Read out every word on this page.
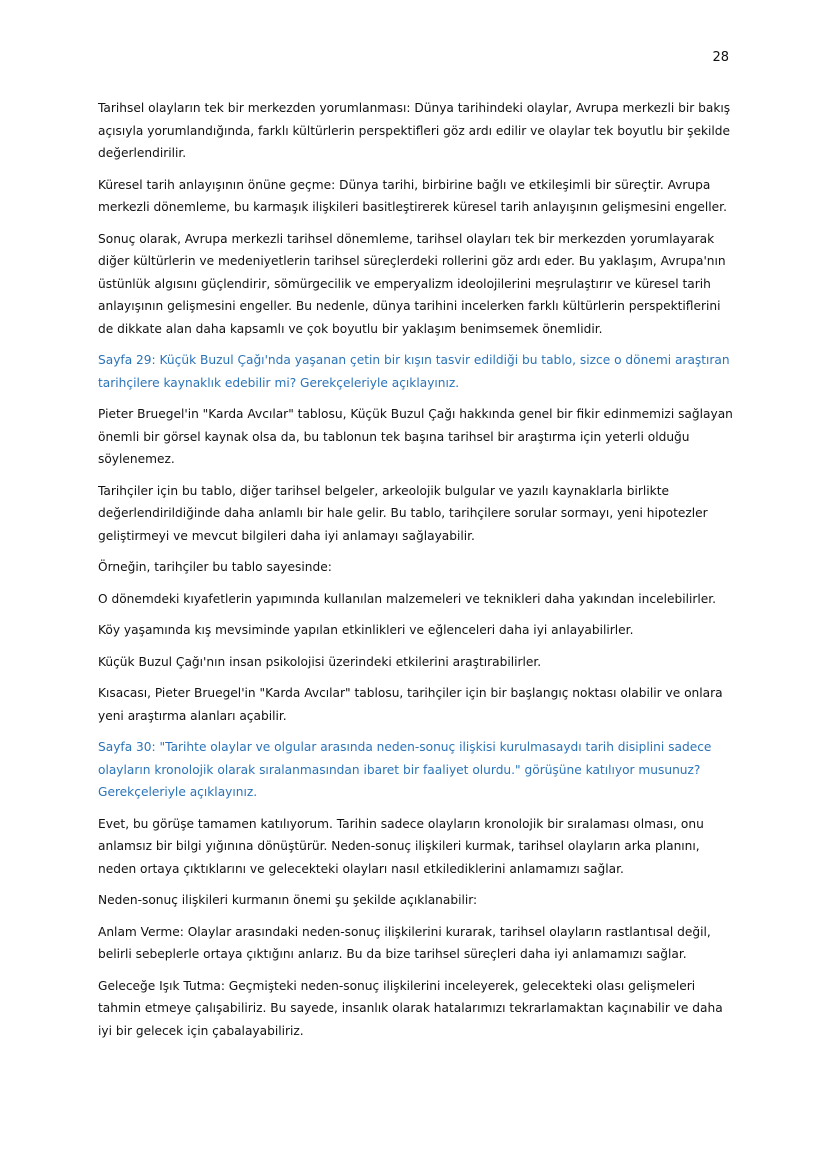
28

Tarihsel olayların tek bir merkezden yorumlanması: Dünya tarihindeki olaylar, Avrupa merkezli bir bakış açısıyla yorumlandığında, farklı kültürlerin perspektifleri göz ardı edilir ve olaylar tek boyutlu bir şekilde değerlendirilir.

Küresel tarih anlayışının önüne geçme: Dünya tarihi, birbirine bağlı ve etkileşimli bir süreçtir. Avrupa merkezli dönemleme, bu karmaşık ilişkileri basitleştirerek küresel tarih anlayışının gelişmesini engeller.

Sonuç olarak, Avrupa merkezli tarihsel dönemleme, tarihsel olayları tek bir merkezden yorumlayarak diğer kültürlerin ve medeniyetlerin tarihsel süreçlerdeki rollerini göz ardı eder. Bu yaklaşım, Avrupa'nın üstünlük algısını güçlendirir, sömürgecilik ve emperyalizm ideolojilerini meşrulaştırır ve küresel tarih anlayışının gelişmesini engeller. Bu nedenle, dünya tarihini incelerken farklı kültürlerin perspektiflerini de dikkate alan daha kapsamlı ve çok boyutlu bir yaklaşım benimsemek önemlidir.

Sayfa 29: Küçük Buzul Çağı'nda yaşanan çetin bir kışın tasvir edildiği bu tablo, sizce o dönemi araştıran tarihçilere kaynaklık edebilir mi? Gerekçeleriyle açıklayınız.

Pieter Bruegel'in "Karda Avcılar" tablosu, Küçük Buzul Çağı hakkında genel bir fikir edinmemizi sağlayan önemli bir görsel kaynak olsa da, bu tablonun tek başına tarihsel bir araştırma için yeterli olduğu söylenemez.

Tarihçiler için bu tablo, diğer tarihsel belgeler, arkeolojik bulgular ve yazılı kaynaklarla birlikte değerlendirildiğinde daha anlamlı bir hale gelir. Bu tablo, tarihçilere sorular sormayı, yeni hipotezler geliştirmeyi ve mevcut bilgileri daha iyi anlamayı sağlayabilir.

Örneğin, tarihçiler bu tablo sayesinde:

O dönemdeki kıyafetlerin yapımında kullanılan malzemeleri ve teknikleri daha yakından incelebilirler.

Köy yaşamında kış mevsiminde yapılan etkinlikleri ve eğlenceleri daha iyi anlayabilirler.

Küçük Buzul Çağı'nın insan psikolojisi üzerindeki etkilerini araştırabilirler.

Kısacası, Pieter Bruegel'in "Karda Avcılar" tablosu, tarihçiler için bir başlangıç noktası olabilir ve onlara yeni araştırma alanları açabilir.

Sayfa 30: "Tarihte olaylar ve olgular arasında neden-sonuç ilişkisi kurulmasaydı tarih disiplini sadece olayların kronolojik olarak sıralanmasından ibaret bir faaliyet olurdu." görüşüne katılıyor musunuz? Gerekçeleriyle açıklayınız.

Evet, bu görüşe tamamen katılıyorum. Tarihin sadece olayların kronolojik bir sıralaması olması, onu anlamsız bir bilgi yığınına dönüştürür. Neden-sonuç ilişkileri kurmak, tarihsel olayların arka planını, neden ortaya çıktıklarını ve gelecekteki olayları nasıl etkilediklerini anlamamızı sağlar.

Neden-sonuç ilişkileri kurmanın önemi şu şekilde açıklanabilir:

Anlam Verme: Olaylar arasındaki neden-sonuç ilişkilerini kurarak, tarihsel olayların rastlantısal değil, belirli sebeplerle ortaya çıktığını anlarız. Bu da bize tarihsel süreçleri daha iyi anlamamızı sağlar.

Geleceğe Işık Tutma: Geçmişteki neden-sonuç ilişkilerini inceleyerek, gelecekteki olası gelişmeleri tahmin etmeye çalışabiliriz. Bu sayede, insanlık olarak hatalarımızı tekrarlamaktan kaçınabilir ve daha iyi bir gelecek için çabalayabiliriz.
